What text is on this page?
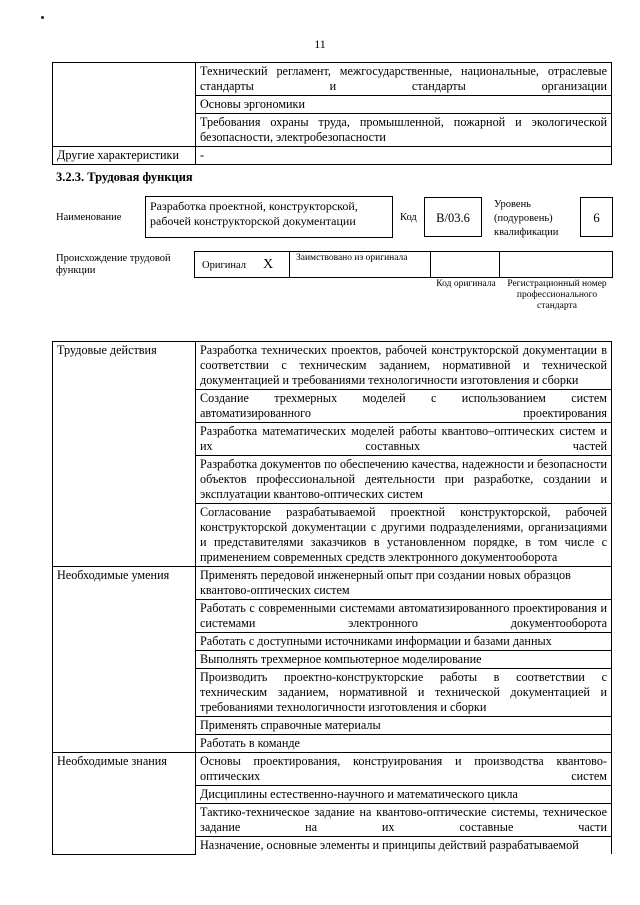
11
	Технический регламент, межгосударственные, национальные, отраслевые стандарты и стандарты организации
	Основы эргономики
	Требования охраны труда, промышленной, пожарной и экологической безопасности, электробезопасности
Другие характеристики	-
3.2.3. Трудовая функция
Наименование
Разработка проектной, конструкторской, рабочей конструкторской документации	Код	B/03.6
Уровень (подуровень) квалификации
6
Происхождение трудовой функции	Оригинал X	Заимствовано из оригинала
Код оригинала	Регистрационный номер профессионального стандарта
Трудовые действия	Разработка технических проектов, рабочей конструкторской документации в соответствии с техническим заданием, нормативной и технической документацией и требованиями технологичности изготовления и сборки
	Создание трехмерных моделей с использованием систем автоматизированного проектирования
	Разработка математических моделей работы квантово–оптических систем и их составных частей
	Разработка документов по обеспечению качества, надежности и безопасности объектов профессиональной деятельности при разработке, создании и эксплуатации квантово-оптических систем
	Согласование разрабатываемой проектной конструкторской, рабочей конструкторской документации с другими подразделениями, организациями и представителями заказчиков в установленном порядке, в том числе с применением современных средств электронного документооборота
Необходимые умения	Применять передовой инженерный опыт при создании новых образцов квантово-оптических систем
	Работать с современными системами автоматизированного проектирования и системами электронного документооборота
	Работать с доступными источниками информации и базами данных
	Выполнять трехмерное компьютерное моделирование
	Производить проектно-конструкторские работы в соответствии с техническим заданием, нормативной и технической документацией и требованиями технологичности изготовления и сборки
	Применять справочные материалы
	Работать в команде
Необходимые знания	Основы проектирования, конструирования и производства квантово-оптических систем
	Дисциплины естественно-научного и математического цикла
	Тактико-техническое задание на квантово-оптические системы, техническое задание на их составные части
	Назначение, основные элементы и принципы действий разрабатываемой
